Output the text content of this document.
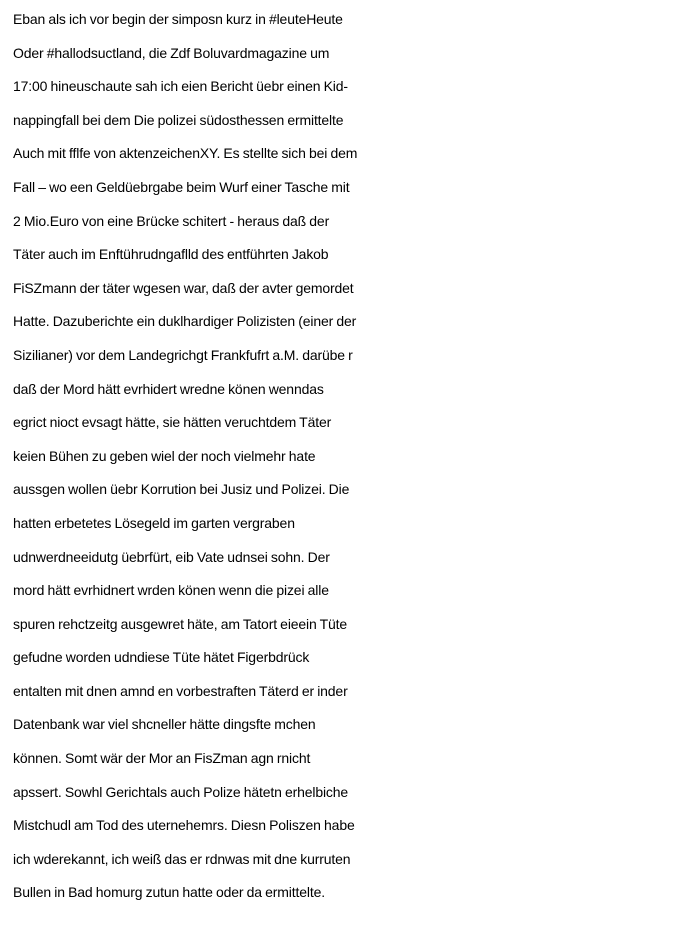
Eban als ich vor begin der simposn kurz in #leuteHeute
Oder #hallodsuctland, die Zdf Boluvardmagazine um
17:00 hineuschaute sah ich eien Bericht üebr einen Kid-
nappingfall bei dem Die polizei südosthessen ermittelte
Auch mit fflfe von aktenzeichenXY. Es stellte sich bei dem
Fall – wo een Geldüebrgabe beim Wurf einer Tasche mit
2 Mio.Euro von eine Brücke schitert - heraus daß der
Täter auch im Enftührudngaflld des entführten Jakob
FiSZmann der täter wgesen war, daß der avter gemordet
Hatte. Dazuberichte ein duklhardiger Polizisten (einer der
Sizilianer) vor dem Landegrichgt Frankfufrt a.M. darübe r
daß der Mord hätt evrhidert wredne könen wenndas
egrict nioct evsagt hätte, sie hätten veruchtdem Täter
keien Bühen zu geben wiel der noch vielmehr hate
aussgen wollen üebr Korrution bei Jusiz und Polizei. Die
hatten erbetetes Lösegeld im garten vergraben
udnwerdneeidutg üebrfürt, eib Vate udnsei sohn. Der
mord hätt evrhidnert wrden könen wenn die pizei alle
spuren rehctzeitg ausgewret häte, am Tatort eieein Tüte
gefudne worden udndiese Tüte hätet Figerbdrück
entalten mit dnen amnd en vorbestraften Täterd er inder
Datenbank war viel shcneller hätte dingsfte mchen
können. Somt wär der Mor an FisZman agn rnicht
apssert. Sowhl Gerichtals auch Polize hätetn erhelbiche
Mistchudl am Tod des uternehemrs. Diesn Poliszen habe
ich wderekannt, ich weiß das er rdnwas mit dne kurruten
Bullen in Bad homurg zutun hatte oder da ermittelte.
